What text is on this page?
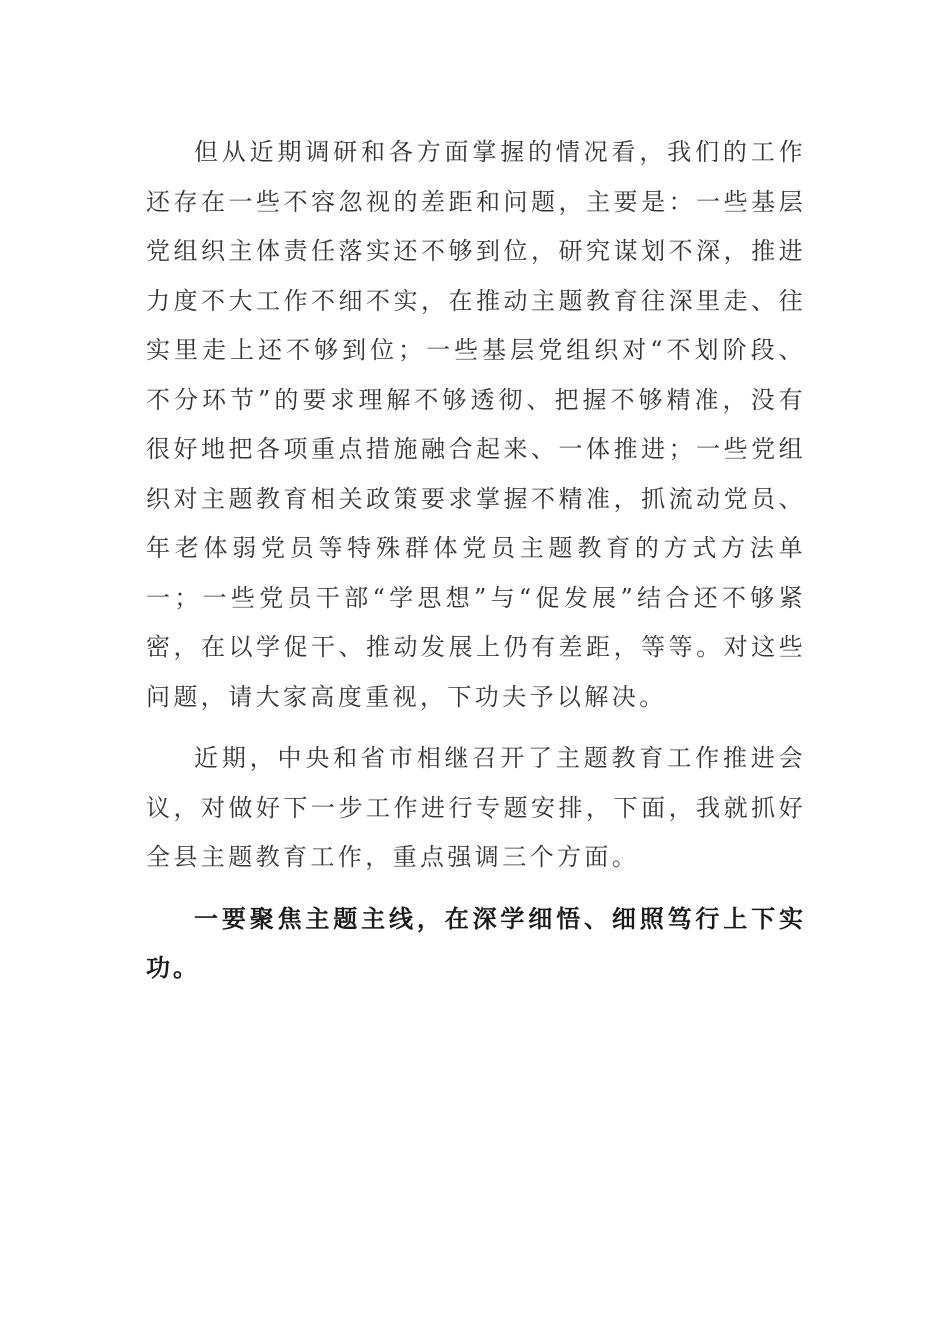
但从近期调研和各方面掌握的情况看，我们的工作还存在一些不容忽视的差距和问题，主要是：一些基层党组织主体责任落实还不够到位，研究谋划不深，推进力度不大工作不细不实，在推动主题教育往深里走、往实里走上还不够到位；一些基层党组织对“不划阶段、不分环节”的要求理解不够透彻、把握不够精准，没有很好地把各项重点措施融合起来、一体推进；一些党组织对主题教育相关政策要求掌握不精准，抓流动党员、年老体弱党员等特殊群体党员主题教育的方式方法单一；一些党员干部“学思想”与“促发展”结合还不够紧密，在以学促干、推动发展上仍有差距，等等。对这些问题，请大家高度重视，下功夫予以解决。

近期，中央和省市相继召开了主题教育工作推进会议，对做好下一步工作进行专题安排，下面，我就抓好全县主题教育工作，重点强调三个方面。

一要聚焦主题主线，在深学细悟、细照笃行上下实功。
